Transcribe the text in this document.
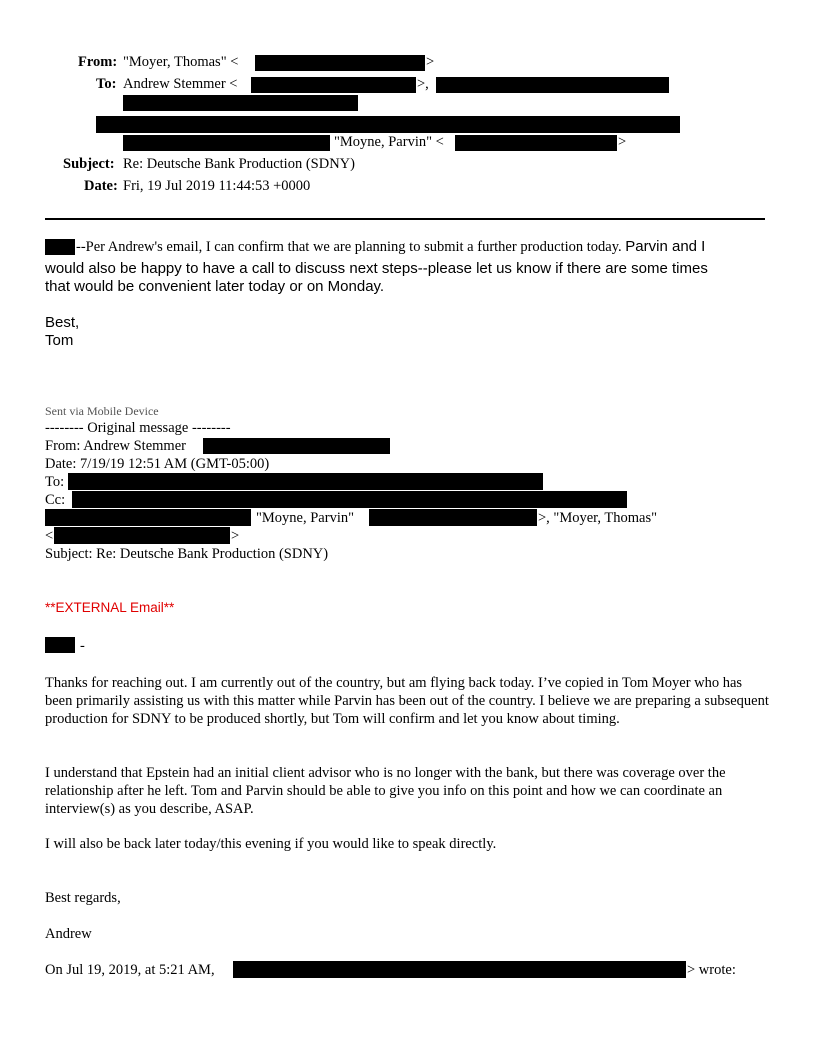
From: "Moyer, Thomas" <	>
To: Andrew Stemmer <	>,
"Moyne, Parvin" <	>
Subject: Re: Deutsche Bank Production (SDNY)
Date: Fri, 19 Jul 2019 11:44:53 +0000
--Per Andrew's email, I can confirm that we are planning to submit a further production today. Parvin and I
would also be happy to have a call to discuss next steps--please let us know if there are some times
that would be convenient later today or on Monday.
Best,
Tom
Sent via Mobile Device
-------- Original message --------
From: Andrew Stemmer
Date: 7/19/19 12:51 AM (GMT-05:00)
To:
Cc:
"Moyne, Parvin"	>, "Moyer, Thomas"
<	>
Subject: Re: Deutsche Bank Production (SDNY)
**EXTERNAL Email**
-
Thanks for reaching out. I am currently out of the country, but am flying back today. I’ve copied in Tom Moyer who has been primarily assisting us with this matter while Parvin has been out of the country. I believe we are preparing a subsequent production for SDNY to be produced shortly, but Tom will confirm and let you know about timing.
I understand that Epstein had an initial client advisor who is no longer with the bank, but there was coverage over the relationship after he left. Tom and Parvin should be able to give you info on this point and how we can coordinate an interview(s) as you describe, ASAP.
I will also be back later today/this evening if you would like to speak directly.
Best regards,
Andrew
On Jul 19, 2019, at 5:21 AM,	> wrote:
